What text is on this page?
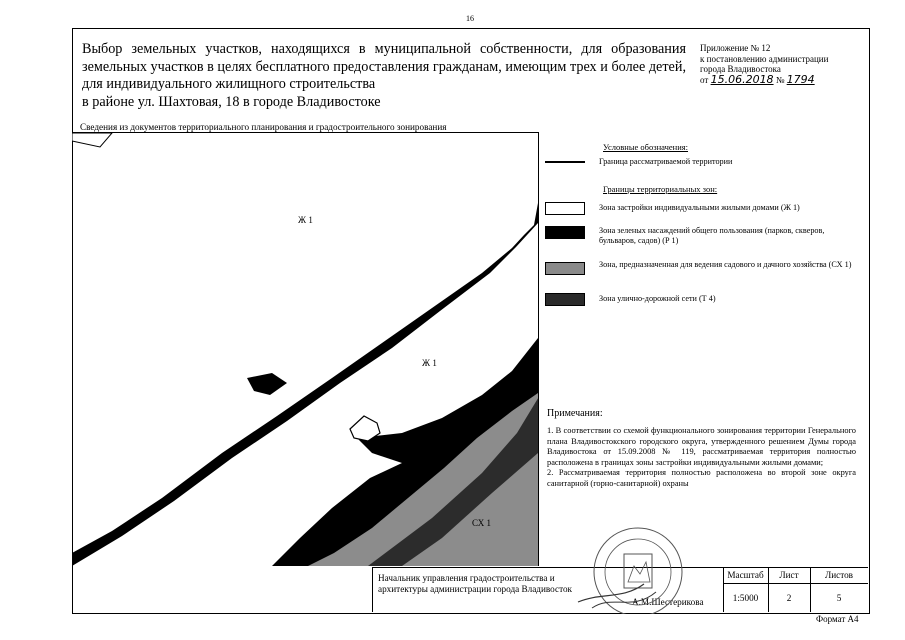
16
Выбор земельных участков, находящихся в муниципальной собственности, для образования земельных участков в целях бесплатного предоставления гражданам, имеющим трех и более детей, для индивидуального жилищного строительства
в районе ул. Шахтовая, 18 в городе Владивостоке
Приложение № 12
к постановлению администрации
города Владивостока
от 15.06.2018 № 1794
Сведения из документов территориального планирования и градостроительного зонирования
Ж 1
Ж 1
СХ 1
Условные обозначения:
Граница рассматриваемой территории
Границы территориальных зон:
Зона застройки индивидуальными жилыми домами (Ж 1)
Зона зеленых насаждений общего пользования (парков, скверов, бульваров, садов) (Р 1)
Зона, предназначенная для ведения садового и дачного хозяйства (СХ 1)
Зона улично-дорожной сети (Т 4)
Примечания:

1. В соответствии со схемой функционального зонирования территории Генерального плана Владивостокского городского округа, утвержденного решением Думы города Владивостока от 15.09.2008 № 119, рассматриваемая территория полностью расположена в границах зоны застройки индивидуальными жилыми домами;

2. Рассматриваемая территория полностью расположена во второй зоне округа санитарной (горно-санитарной) охраны

Начальник управления градостроительства и архитектуры администрации города Владивосток
А.М.Шестерикова
Масштаб	Лист	Листов
1:5000	2	5
Формат А4
